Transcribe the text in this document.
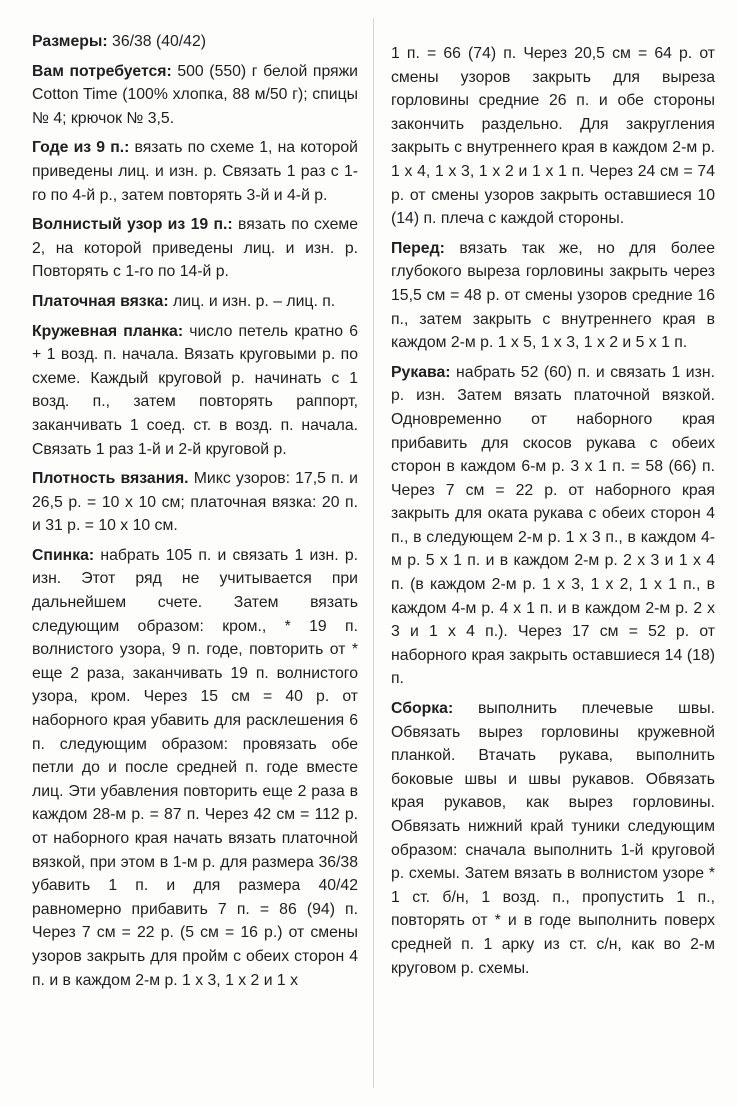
Размеры: 36/38 (40/42)

Вам потребуется: 500 (550) г белой пряжи Cotton Time (100% хлопка, 88 м/50 г); спицы № 4; крючок № 3,5.

Годе из 9 п.: вязать по схеме 1, на которой приведены лиц. и изн. р. Связать 1 раз с 1-го по 4-й р., затем повторять 3-й и 4-й р.

Волнистый узор из 19 п.: вязать по схеме 2, на которой приведены лиц. и изн. р. Повторять с 1-го по 14-й р.

Платочная вязка: лиц. и изн. р. – лиц. п.

Кружевная планка: число петель кратно 6 + 1 возд. п. начала. Вязать круговыми р. по схеме. Каждый круговой р. начинать с 1 возд. п., затем повторять раппорт, заканчивать 1 соед. ст. в возд. п. начала. Связать 1 раз 1-й и 2-й круговой р.

Плотность вязания. Микс узоров: 17,5 п. и 26,5 р. = 10 х 10 см; платочная вязка: 20 п. и 31 р. = 10 х 10 см.

Спинка: набрать 105 п. и связать 1 изн. р. изн. Этот ряд не учитывается при дальнейшем счете. Затем вязать следующим образом: кром., * 19 п. волнистого узора, 9 п. годе, повторить от * еще 2 раза, заканчивать 19 п. волнистого узора, кром. Через 15 см = 40 р. от наборного края убавить для расклешения 6 п. следующим образом: провязать обе петли до и после средней п. годе вместе лиц. Эти убавления повторить еще 2 раза в каждом 28-м р. = 87 п. Через 42 см = 112 р. от наборного края начать вязать платочной вязкой, при этом в 1-м р. для размера 36/38 убавить 1 п. и для размера 40/42 равномерно прибавить 7 п. = 86 (94) п. Через 7 см = 22 р. (5 см = 16 р.) от смены узоров закрыть для пройм с обеих сторон 4 п. и в каждом 2-м р. 1 х 3, 1 х 2 и 1 х

1 п. = 66 (74) п. Через 20,5 см = 64 р. от смены узоров закрыть для выреза горловины средние 26 п. и обе стороны закончить раздельно. Для закругления закрыть с внутреннего края в каждом 2-м р. 1 х 4, 1 х 3, 1 х 2 и 1 х 1 п. Через 24 см = 74 р. от смены узоров закрыть оставшиеся 10 (14) п. плеча с каждой стороны.

Перед: вязать так же, но для более глубокого выреза горловины закрыть через 15,5 см = 48 р. от смены узоров средние 16 п., затем закрыть с внутреннего края в каждом 2-м р. 1 х 5, 1 х 3, 1 х 2 и 5 х 1 п.

Рукава: набрать 52 (60) п. и связать 1 изн. р. изн. Затем вязать платочной вязкой. Одновременно от наборного края прибавить для скосов рукава с обеих сторон в каждом 6-м р. 3 х 1 п. = 58 (66) п. Через 7 см = 22 р. от наборного края закрыть для оката рукава с обеих сторон 4 п., в следующем 2-м р. 1 х 3 п., в каждом 4-м р. 5 х 1 п. и в каждом 2-м р. 2 х 3 и 1 х 4 п. (в каждом 2-м р. 1 х 3, 1 х 2, 1 х 1 п., в каждом 4-м р. 4 х 1 п. и в каждом 2-м р. 2 х 3 и 1 х 4 п.). Через 17 см = 52 р. от наборного края закрыть оставшиеся 14 (18) п.

Сборка: выполнить плечевые швы. Обвязать вырез горловины кружевной планкой. Втачать рукава, выполнить боковые швы и швы рукавов. Обвязать края рукавов, как вырез горловины. Обвязать нижний край туники следующим образом: сначала выполнить 1-й круговой р. схемы. Затем вязать в волнистом узоре * 1 ст. б/н, 1 возд. п., пропустить 1 п., повторять от * и в годе выполнить поверх средней п. 1 арку из ст. с/н, как во 2-м круговом р. схемы.
